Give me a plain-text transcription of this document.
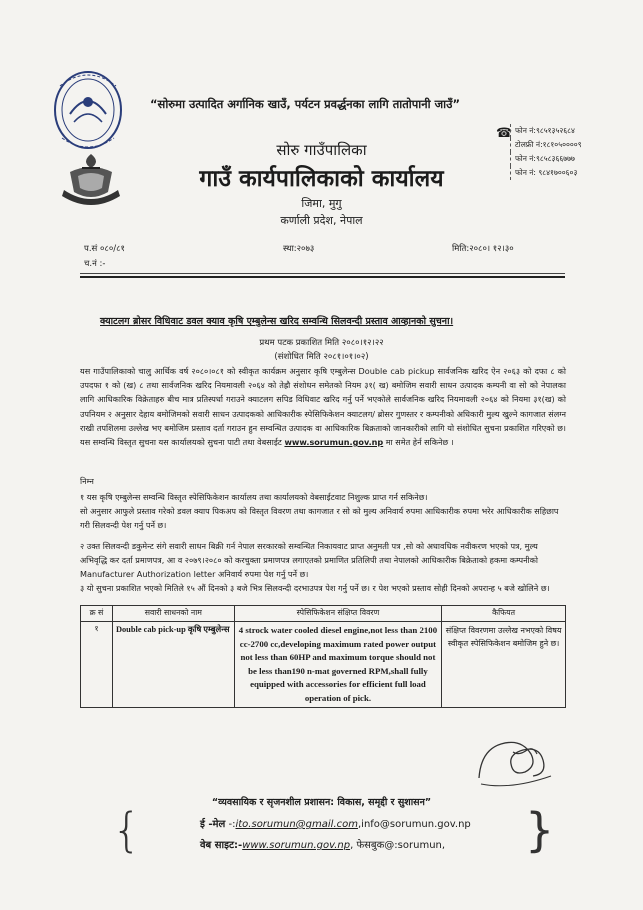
“सोरुमा उत्पादित अर्गानिक खाउँ, पर्यटन प्रवर्द्धनका लागि तातोपानी जाउँ”
☎ फोन नं:९८५१३५२६८४
टोलफ्री नं:१८१०५००००९
फोन नं:९८५८३६६७७७
फोन नं: ९८४१७००६०३
सोरु गाउँपालिका
गाउँ कार्यपालिकाको कार्यालय
जिमा, मुगु
कर्णाली प्रदेश, नेपाल
प.सं ०८०/८१	स्था:२०७३	मिति:२०८०। १२।३०
च.नं :-
क्याटलग ब्रोसर विधिवाट डवल क्याव कृषि एम्बुलेन्स खरिद सम्वन्धि सिलवन्दी प्रस्ताव आव्हानको सुचना।
प्रथम पटक प्रकाशित मिति २०८०।१२।२२
(संशोधित मिति २०८१।०१।०२)
यस गाउँपालिकाको चालु आर्थिक वर्ष २०८०।०८१ को स्वीकृत कार्यक्रम अनुसार कृषि एम्बुलेन्स Double cab pickup सार्वजनिक खरिद ऐन २०६३ को दफा ८ को उपदफा १ को (ख) ८ तथा सार्वजनिक खरिद नियमावली २०६४ को तेह्रौ संशोधन समेतको नियम ३१( ख) बमोजिम सवारी साधन उत्पादक कम्पनी वा सो को नेपालका लागि आधिकारिक विक्रेताहरु बीच मात्र प्रतिस्पर्धा गराउने क्याटलग सपिड विधिवाट खरिद गर्नु पर्ने भएकोले सार्वजनिक खरिद नियमावली २०६४ को नियमा ३१(ख) को उपनियम २ अनुसार देहाय बमोजिमको सवारी साधन उत्पादकको आधिकारीक स्पेसिफिकेशन क्याटलग/ ब्रोसर गुणस्तर र कम्पनीको अधिकारी मुल्य खुल्ने कागजात संलग्न राखी तपशिलमा उल्लेख भए बमोजिम प्रस्ताव दर्ता गराउन हुन सम्वन्धित उत्पादक वा आधिकारिक बिक्रताको जानकारीको लागि यो संशोधित सुचना प्रकाशित गरिएको छ।यस सम्वन्धि विस्तृत सुचना यस कार्यालयको सुचना पाटी तथा वेबसाईट www.sorumun.gov.np मा समेत हेर्न सकिनेछ ।
निम्न

१ यस कृषि एम्बुलेन्स सम्वन्धि विस्तृत स्पेसिफिकेशन कार्यालय तथा कार्यालयको वेबसाईटवाट निशुल्क प्राप्त गर्न सकिनेछ।

सो अनुसार आफुले प्रस्ताव गरेको डवल क्याप पिकअप को विस्तृत विवरण तथा कागजात र सो को मुल्य अनिवार्य रुपमा आधिकारीक रुपमा भरेर आधिकारीक सहिछाप गरी सिलवन्दी पेश गर्नु पर्ने छ।

२ उक्त सिलवन्दी डकुमेन्ट संगे सवारी साधन बिक्री गर्न नेपाल सरकारको सम्वन्धित निकायवाट प्राप्त अनुमती पत्र ,सो को अधावधिक नवीकरण भएको पत्र, मुल्य अभिवृद्धि कर दर्ता प्रमाणपत्र, आ व २०७९।२०८० को करचुक्ता प्रमाणपत्र लगाएतको प्रमाणित प्रतिलिपी तथा नेपालको आधिकारीक बिक्रेताको हकमा कम्पनीको Manufacturer Authorization letter अनिवार्य रुपमा पेश गर्नु पर्ने छ।

३ यो सुचना प्रकाशित भएको मितिले १५ औं दिनको ३ बजे भित्र सिलवन्दी दरभाउपत्र पेश गर्नु पर्ने छ। र पेश भएको प्रस्ताव सोही दिनको अपरान्ह ५ बजे खोलिने छ।

क्र सं	सवारी साधनको नाम	स्पेसिफिकेशन संक्षिप्त विवरण	कैफियत
१	Double cab pick-up कृषि एम्बुलेन्स	4 strock water cooled diesel engine,not less than 2100 cc-2700 cc,developing maximum rated power output not less than 60HP and maximum torque should not be less than190 n-mat governed RPM,shall fully equipped with accessories for efficient full load operation of pick.	संक्षिप्त विवरणमा उल्लेख नभएको विषय स्वीकृत स्पेसिफिकेशन बमोजिम हुने छ।
“व्यवसायिक र सृजनशील प्रशासन: विकास, समृद्दी र सुशासन”
{	}
ई -मेल -:ito.sorumun@gmail.com,info@sorumun.gov.np
वेब साइट:-www.sorumun.gov.np, फेसबुक@:sorumun,
